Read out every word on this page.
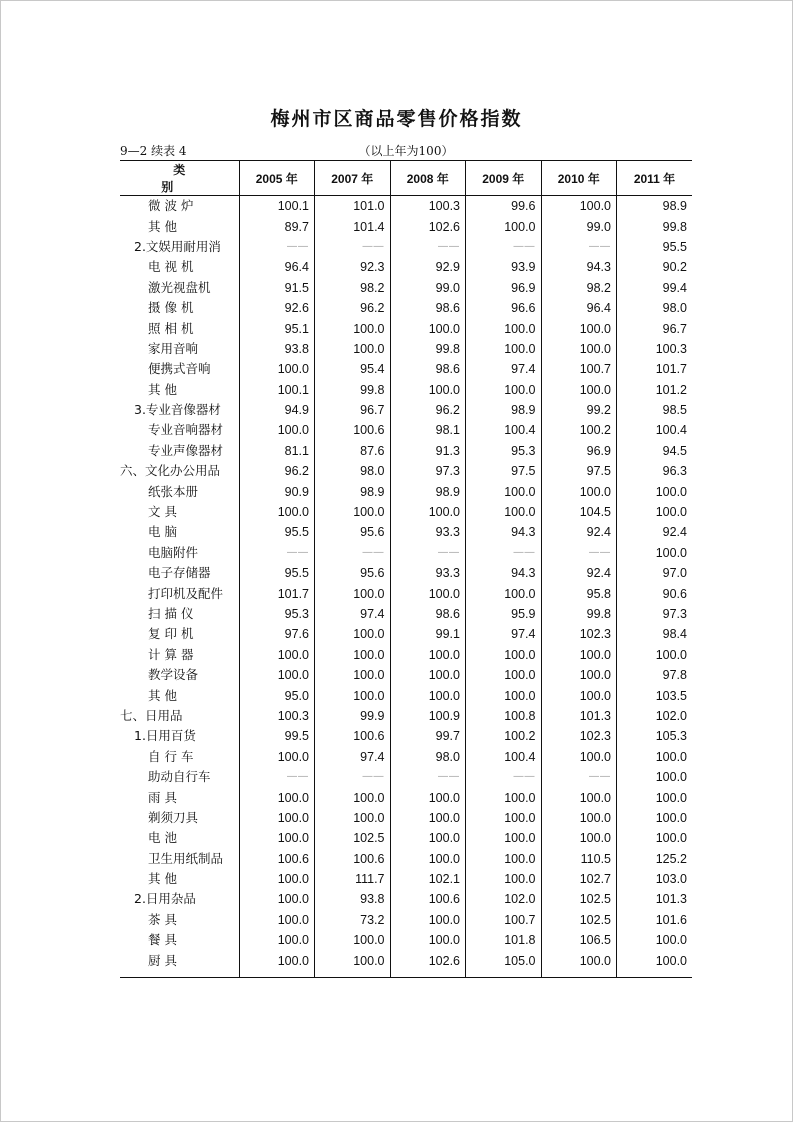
梅州市区商品零售价格指数
9—2 续表 4	（以上年为100）
类 别	2005 年	2007 年	2008 年	2009 年	2010 年	2011 年
微 波 炉	100.1	101.0	100.3	99.6	100.0	98.9
其 他	89.7	101.4	102.6	100.0	99.0	99.8
2.文娱用耐用消	——	——	——	——	——	95.5
电 视 机	96.4	92.3	92.9	93.9	94.3	90.2
激光视盘机	91.5	98.2	99.0	96.9	98.2	99.4
摄 像 机	92.6	96.2	98.6	96.6	96.4	98.0
照 相 机	95.1	100.0	100.0	100.0	100.0	96.7
家用音响	93.8	100.0	99.8	100.0	100.0	100.3
便携式音响	100.0	95.4	98.6	97.4	100.7	101.7
其 他	100.1	99.8	100.0	100.0	100.0	101.2
3.专业音像器材	94.9	96.7	96.2	98.9	99.2	98.5
专业音响器材	100.0	100.6	98.1	100.4	100.2	100.4
专业声像器材	81.1	87.6	91.3	95.3	96.9	94.5
六、文化办公用品	96.2	98.0	97.3	97.5	97.5	96.3
纸张本册	90.9	98.9	98.9	100.0	100.0	100.0
文 具	100.0	100.0	100.0	100.0	104.5	100.0
电 脑	95.5	95.6	93.3	94.3	92.4	92.4
电脑附件	——	——	——	——	——	100.0
电子存储器	95.5	95.6	93.3	94.3	92.4	97.0
打印机及配件	101.7	100.0	100.0	100.0	95.8	90.6
扫 描 仪	95.3	97.4	98.6	95.9	99.8	97.3
复 印 机	97.6	100.0	99.1	97.4	102.3	98.4
计 算 器	100.0	100.0	100.0	100.0	100.0	100.0
教学设备	100.0	100.0	100.0	100.0	100.0	97.8
其 他	95.0	100.0	100.0	100.0	100.0	103.5
七、日用品	100.3	99.9	100.9	100.8	101.3	102.0
1.日用百货	99.5	100.6	99.7	100.2	102.3	105.3
自 行 车	100.0	97.4	98.0	100.4	100.0	100.0
助动自行车	——	——	——	——	——	100.0
雨 具	100.0	100.0	100.0	100.0	100.0	100.0
剃须刀具	100.0	100.0	100.0	100.0	100.0	100.0
电 池	100.0	102.5	100.0	100.0	100.0	100.0
卫生用纸制品	100.6	100.6	100.0	100.0	110.5	125.2
其 他	100.0	111.7	102.1	100.0	102.7	103.0
2.日用杂品	100.0	93.8	100.6	102.0	102.5	101.3
茶 具	100.0	73.2	100.0	100.7	102.5	101.6
餐 具	100.0	100.0	100.0	101.8	106.5	100.0
厨 具	100.0	100.0	102.6	105.0	100.0	100.0
